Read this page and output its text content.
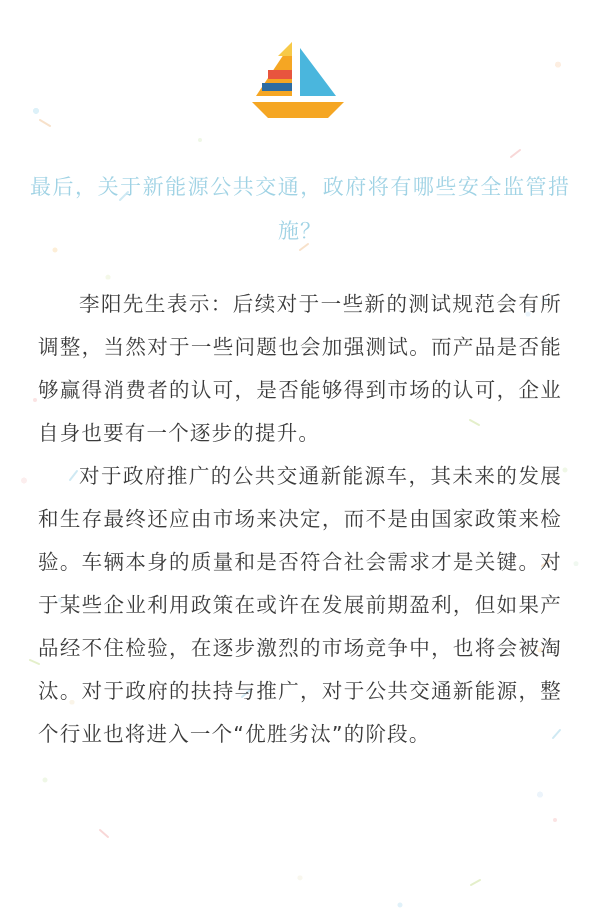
最后，关于新能源公共交通，政府将有哪些安全监管措施？

李阳先生表示：后续对于一些新的测试规范会有所调整，当然对于一些问题也会加强测试。而产品是否能够赢得消费者的认可，是否能够得到市场的认可，企业自身也要有一个逐步的提升。

对于政府推广的公共交通新能源车，其未来的发展和生存最终还应由市场来决定，而不是由国家政策来检验。车辆本身的质量和是否符合社会需求才是关键。对于某些企业利用政策在或许在发展前期盈利，但如果产品经不住检验，在逐步激烈的市场竞争中，也将会被淘汰。对于政府的扶持与推广，对于公共交通新能源，整个行业也将进入一个“优胜劣汰”的阶段。
